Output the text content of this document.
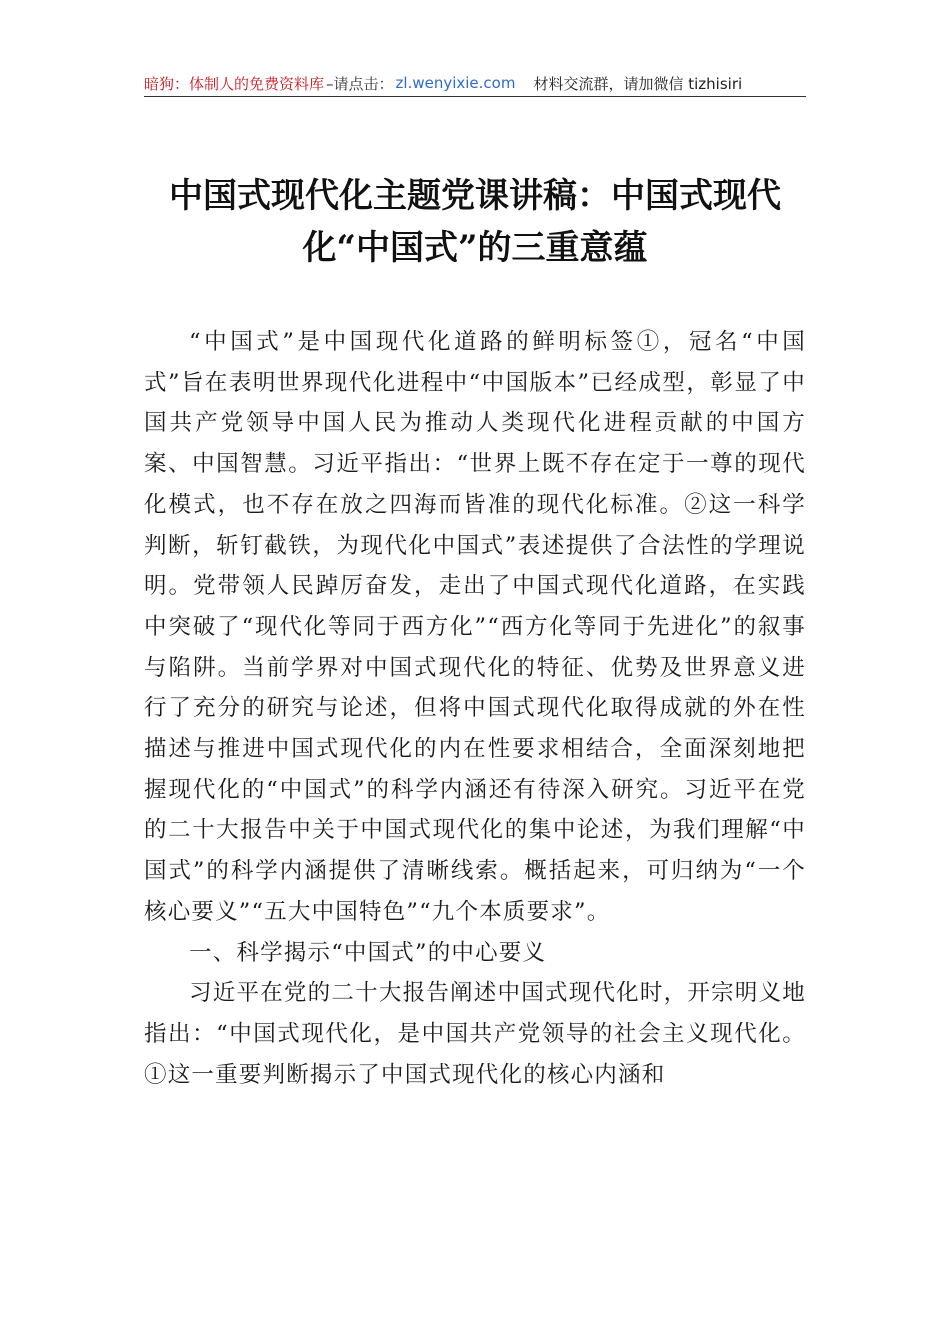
暗狗：体制人的免费资料库 –请点击： zl.wenyixie.com 材料交流群，请加微信 tizhisiri
中国式现代化主题党课讲稿：中国式现代化“中国式”的三重意蕴

“中国式”是中国现代化道路的鲜明标签①，冠名“中国式”旨在表明世界现代化进程中“中国版本”已经成型，彰显了中国共产党领导中国人民为推动人类现代化进程贡献的中国方案、中国智慧。习近平指出：“世界上既不存在定于一尊的现代化模式，也不存在放之四海而皆准的现代化标准。②这一科学判断，斩钉截铁，为现代化中国式”表述提供了合法性的学理说明。党带领人民踔厉奋发，走出了中国式现代化道路，在实践中突破了“现代化等同于西方化”“西方化等同于先进化”的叙事与陷阱。当前学界对中国式现代化的特征、优势及世界意义进行了充分的研究与论述，但将中国式现代化取得成就的外在性描述与推进中国式现代化的内在性要求相结合，全面深刻地把握现代化的“中国式”的科学内涵还有待深入研究。习近平在党的二十大报告中关于中国式现代化的集中论述，为我们理解“中国式”的科学内涵提供了清晰线索。概括起来，可归纳为“一个核心要义”“五大中国特色”“九个本质要求”。

一、科学揭示“中国式”的中心要义

习近平在党的二十大报告阐述中国式现代化时，开宗明义地指出：“中国式现代化，是中国共产党领导的社会主义现代化。①这一重要判断揭示了中国式现代化的核心内涵和
